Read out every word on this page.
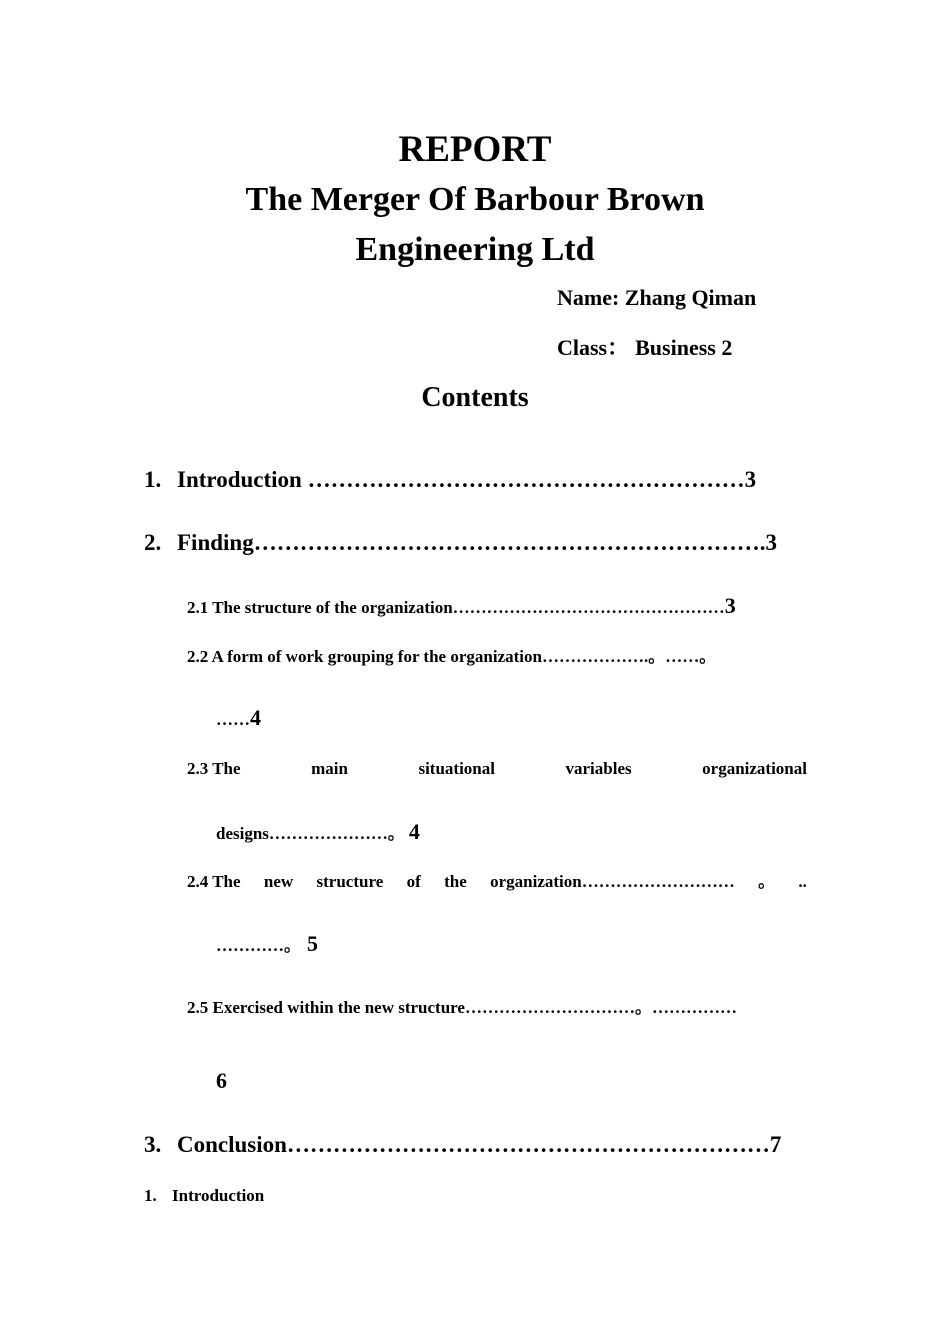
REPORT
The Merger Of Barbour Brown
Engineering Ltd
Name: Zhang Qiman
Class： Business 2
Contents
1. Introduction …………………………………………………3
2. Finding………………………………………………………….3
2.1 The structure of the organization…………………………………………3
2.2 A form of work grouping for the organization……………….。……。
……4
2.3 The	main	situational	variables	organizational
designs…………………。 4
2.4 The new structure of the organization……………………… 。 ..
…………。 5
2.5 Exercised within the new structure…………………………。……………
6
3. Conclusion………………………………………………………7
1. Introduction
